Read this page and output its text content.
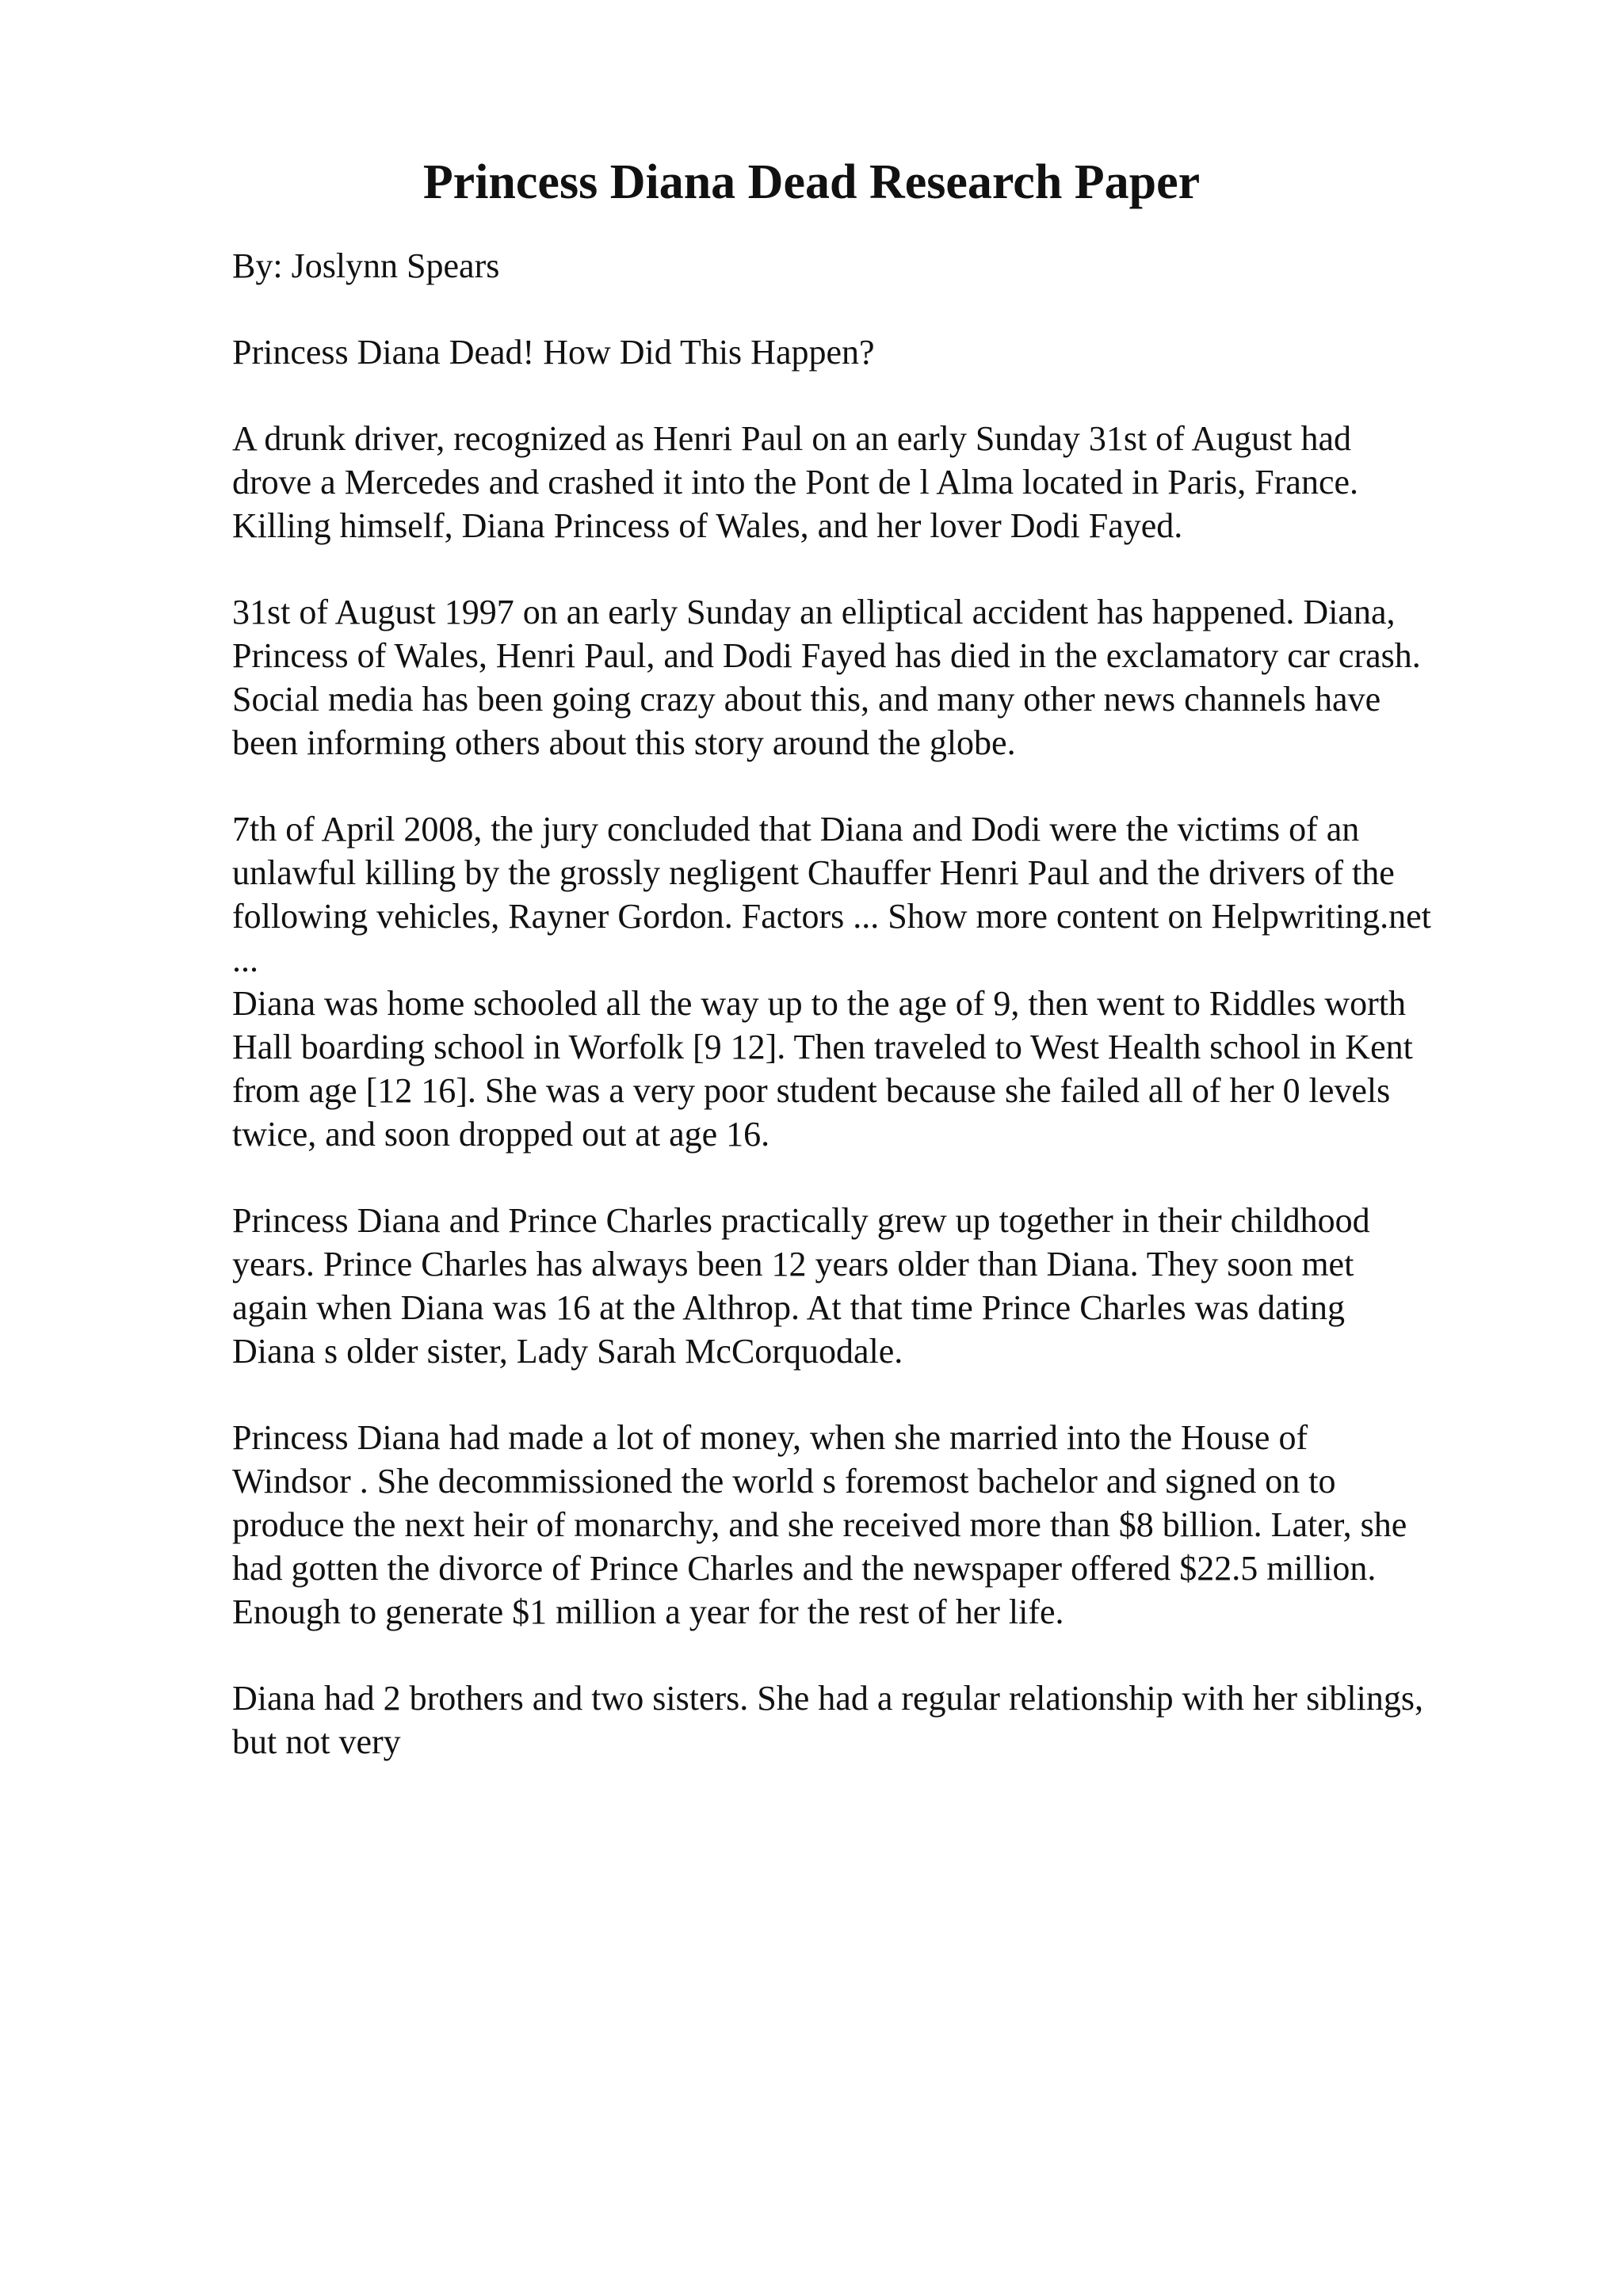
Princess Diana Dead Research Paper
By: Joslynn Spears
Princess Diana Dead! How Did This Happen?
A drunk driver, recognized as Henri Paul on an early Sunday 31st of August had
drove a Mercedes and crashed it into the Pont de l Alma located in Paris, France.
Killing himself, Diana Princess of Wales, and her lover Dodi Fayed.
31st of August 1997 on an early Sunday an elliptical accident has happened. Diana,
Princess of Wales, Henri Paul, and Dodi Fayed has died in the exclamatory car crash.
Social media has been going crazy about this, and many other news channels have
been informing others about this story around the globe.
7th of April 2008, the jury concluded that Diana and Dodi were the victims of an
unlawful killing by the grossly negligent Chauffer Henri Paul and the drivers of the
following vehicles, Rayner Gordon. Factors ... Show more content on Helpwriting.net
...
Diana was home schooled all the way up to the age of 9, then went to Riddles worth
Hall boarding school in Worfolk [9 12]. Then traveled to West Health school in Kent
from age [12 16]. She was a very poor student because she failed all of her 0 levels
twice, and soon dropped out at age 16.
Princess Diana and Prince Charles practically grew up together in their childhood
years. Prince Charles has always been 12 years older than Diana. They soon met
again when Diana was 16 at the Althrop. At that time Prince Charles was dating
Diana s older sister, Lady Sarah McCorquodale.
Princess Diana had made a lot of money, when she married into the House of
Windsor . She decommissioned the world s foremost bachelor and signed on to
produce the next heir of monarchy, and she received more than $8 billion. Later, she
had gotten the divorce of Prince Charles and the newspaper offered $22.5 million.
Enough to generate $1 million a year for the rest of her life.
Diana had 2 brothers and two sisters. She had a regular relationship with her siblings,
but not very
